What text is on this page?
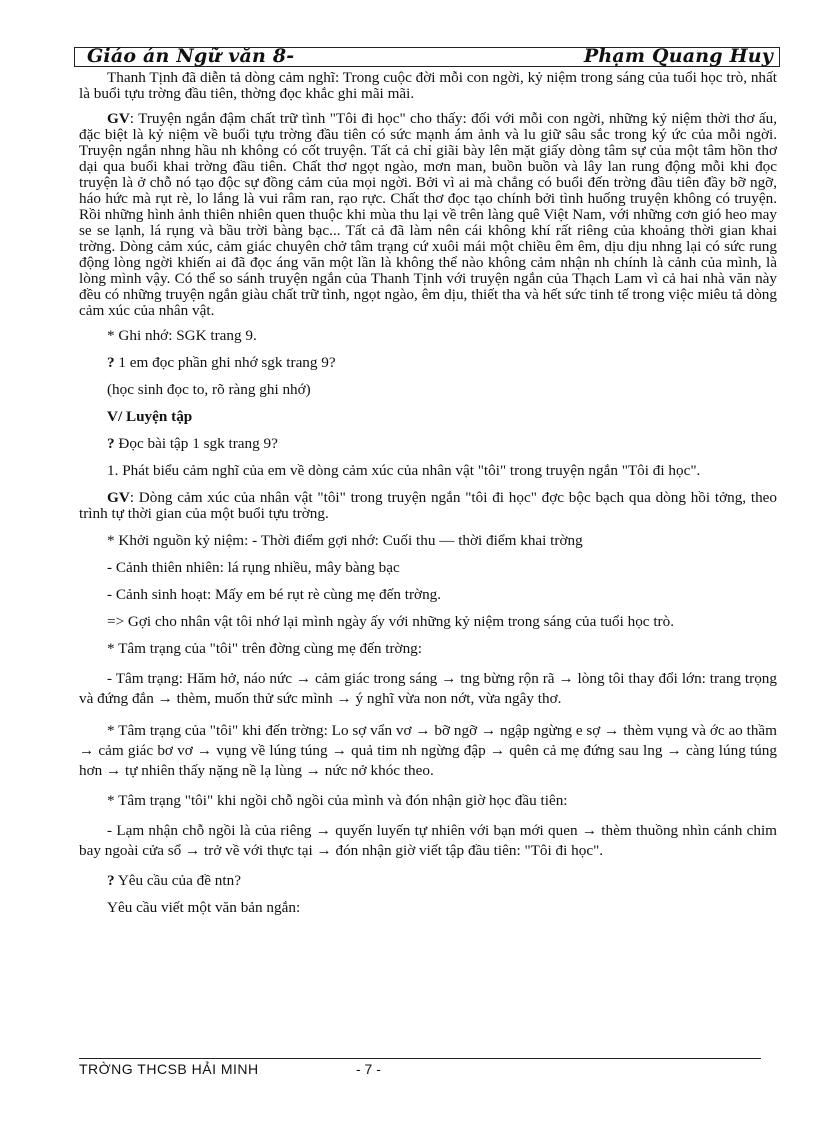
Giáo án Ngữ văn 8-	Phạm Quang Huy

Thanh Tịnh đã diễn tả dòng cảm nghĩ: Trong cuộc đời mỗi con ngời, kỷ niệm trong sáng của tuổi học trò, nhất là buổi tựu trờng đầu tiên, thờng đọc khắc ghi mãi mãi.

GV: Truyện ngắn đậm chất trữ tình "Tôi đi học" cho thấy: đối với mỗi con ngời, những kỷ niệm thời thơ ấu, đặc biệt là kỷ niệm về buổi tựu trờng đầu tiên có sức mạnh ám ảnh và lu giữ sâu sắc trong ký ức của mỗi ngời. Truyện ngắn nhng hầu nh không có cốt truyện. Tất cả chỉ giãi bày lên mặt giấy dòng tâm sự của một tâm hồn thơ dại qua buổi khai trờng đầu tiên. Chất thơ ngọt ngào, mơn man, buồn buồn và lây lan rung động mỗi khi đọc truyện là ở chỗ nó tạo độc sự đồng cảm của mọi ngời. Bởi vì ai mà chẳng có buổi đến trờng đầu tiên đầy bỡ ngỡ, háo hức mà rụt rè, lo lắng là vui râm ran, rạo rực. Chất thơ đọc tạo chính bởi tình huống truyện không có truyện. Rồi những hình ảnh thiên nhiên quen thuộc khi mùa thu lại về trên làng quê Việt Nam, với những cơn gió heo may se se lạnh, lá rụng và bầu trời bàng bạc... Tất cả đã làm nên cái không khí rất riêng của khoảng thời gian khai trờng. Dòng cảm xúc, cảm giác chuyên chở tâm trạng cứ xuôi mái một chiều êm êm, dịu dịu nhng lại có sức rung động lòng ngời khiến ai đã đọc áng văn một lần là không thể nào không cảm nhận nh chính là cảnh của mình, là lòng mình vậy. Có thể so sánh truyện ngắn của Thanh Tịnh với truyện ngắn của Thạch Lam vì cả hai nhà văn này đều có những truyện ngắn giàu chất trữ tình, ngọt ngào, êm dịu, thiết tha và hết sức tinh tế trong việc miêu tả dòng cảm xúc của nhân vật.

* Ghi nhớ: SGK trang 9.

? 1 em đọc phần ghi nhớ sgk trang 9?

(học sinh đọc to, rõ ràng ghi nhớ)

V/ Luyện tập

? Đọc bài tập 1 sgk trang 9?

1. Phát biểu cảm nghĩ của em về dòng cảm xúc của nhân vật "tôi" trong truyện ngắn "Tôi đi học".

GV: Dòng cảm xúc của nhân vật "tôi" trong truyện ngắn "tôi đi học" đợc bộc bạch qua dòng hồi tởng, theo trình tự thời gian của một buổi tựu trờng.

* Khởi nguồn kỷ niệm: - Thời điểm gợi nhớ: Cuối thu — thời điểm khai trờng

- Cảnh thiên nhiên: lá rụng nhiều, mây bàng bạc

- Cảnh sinh hoạt: Mấy em bé rụt rè cùng mẹ đến trờng.

=> Gợi cho nhân vật tôi nhớ lại mình ngày ấy với những kỷ niệm trong sáng của tuổi học trò.

* Tâm trạng của "tôi" trên đờng cùng mẹ đến trờng:

- Tâm trạng: Hăm hở, náo nức → cảm giác trong sáng → tng bừng rộn rã → lòng tôi thay đổi lớn: trang trọng và đứng đắn → thèm, muốn thử sức mình → ý nghĩ vừa non nớt, vừa ngây thơ.

* Tâm trạng của "tôi" khi đến trờng: Lo sợ vẩn vơ → bỡ ngỡ → ngập ngừng e sợ → thèm vụng và ớc ao thầm → cảm giác bơ vơ → vụng về lúng túng → quả tim nh ngừng đập → quên cả mẹ đứng sau lng → càng lúng túng hơn → tự nhiên thấy nặng nề lạ lùng → nức nở khóc theo.

* Tâm trạng "tôi" khi ngồi chỗ ngồi của mình và đón nhận giờ học đầu tiên:

- Lạm nhận chỗ ngồi là của riêng → quyến luyến tự nhiên với bạn mới quen → thèm thuồng nhìn cánh chim bay ngoài cửa sổ → trở về với thực tại → đón nhận giờ viết tập đầu tiên: "Tôi đi học".

? Yêu cầu của đề ntn?

Yêu cầu viết một văn bản ngắn:

TRỜNG THCSB HẢI MINH	- 7 -
